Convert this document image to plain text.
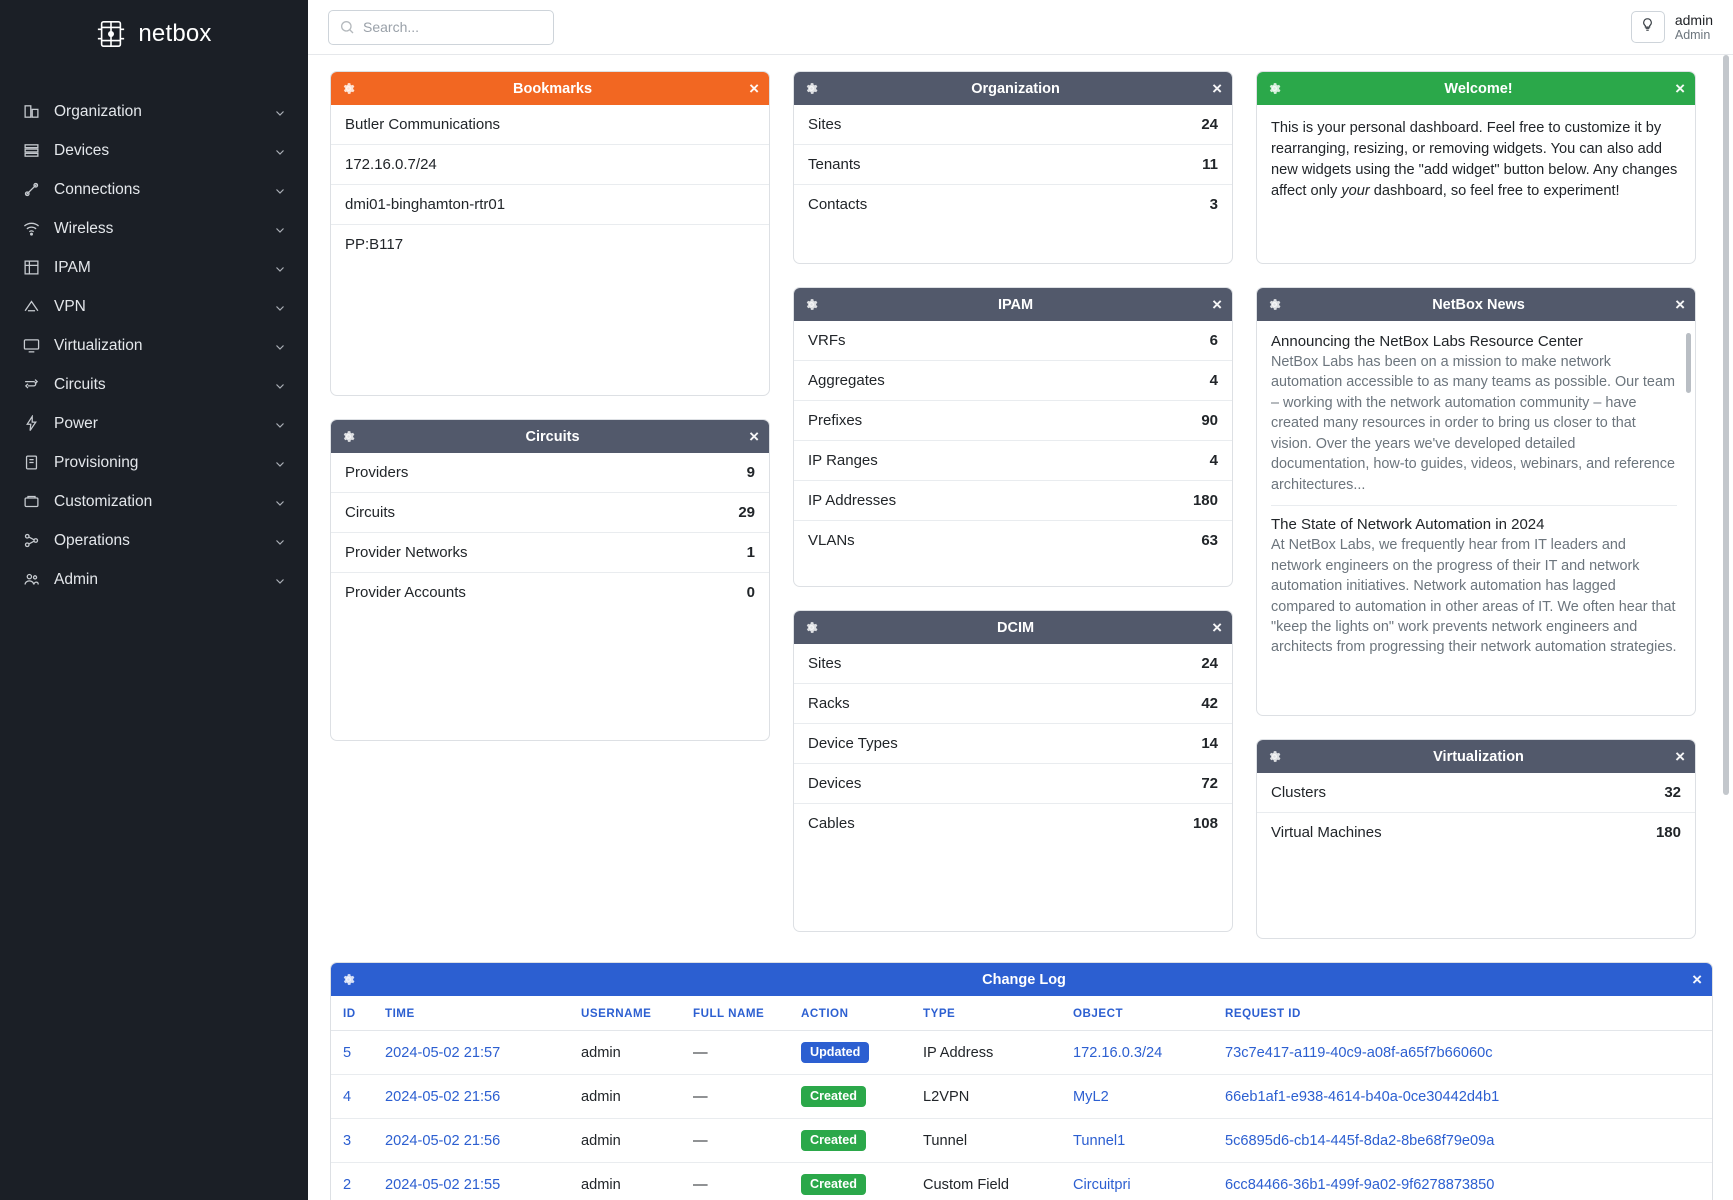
netbox
Organization
Devices
Connections
Wireless
IPAM
VPN
Virtualization
Circuits
Power
Provisioning
Customization
Operations
Admin
Search...
admin
Admin
Bookmarks	×
Butler Communications
172.16.0.7/24
dmi01-binghamton-rtr01
PP:B117
Circuits	×
Providers	9
Circuits	29
Provider Networks	1
Provider Accounts	0
Organization	×
Sites	24
Tenants	11
Contacts	3
IPAM	×
VRFs	6
Aggregates	4
Prefixes	90
IP Ranges	4
IP Addresses	180
VLANs	63
DCIM	×
Sites	24
Racks	42
Device Types	14
Devices	72
Cables	108
Welcome!	×
This is your personal dashboard. Feel free to customize it by rearranging, resizing, or removing widgets. You can also add new widgets using the "add widget" button below. Any changes affect only your dashboard, so feel free to experiment!
NetBox News	×
Announcing the NetBox Labs Resource Center
NetBox Labs has been on a mission to make network automation accessible to as many teams as possible. Our team – working with the network automation community – have created many resources in order to bring us closer to that vision. Over the years we've developed detailed documentation, how-to guides, videos, webinars, and reference architectures...
The State of Network Automation in 2024
At NetBox Labs, we frequently hear from IT leaders and network engineers on the progress of their IT and network automation initiatives. Network automation has lagged compared to automation in other areas of IT. We often hear that "keep the lights on" work prevents network engineers and architects from progressing their network automation strategies.
Virtualization	×
Clusters	32
Virtual Machines	180
Change Log	×
ID	TIME	USERNAME	FULL NAME	ACTION	TYPE	OBJECT	REQUEST ID
5	2024-05-02 21:57	admin	—	Updated	IP Address	172.16.0.3/24	73c7e417-a119-40c9-a08f-a65f7b66060c
4	2024-05-02 21:56	admin	—	Created	L2VPN	MyL2	66eb1af1-e938-4614-b40a-0ce30442d4b1
3	2024-05-02 21:56	admin	—	Created	Tunnel	Tunnel1	5c6895d6-cb14-445f-8da2-8be68f79e09a
2	2024-05-02 21:55	admin	—	Created	Custom Field	Circuitpri	6cc84466-36b1-499f-9a02-9f6278873850
